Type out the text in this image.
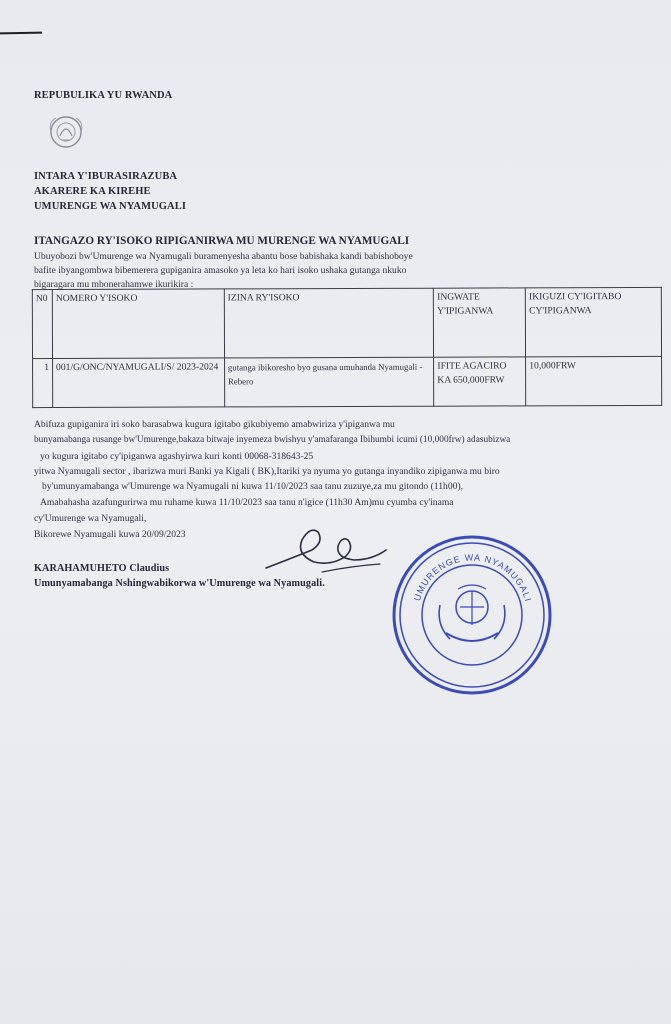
REPUBULIKA YU RWANDA
INTARA Y'IBURASIRAZUBA
AKARERE KA KIREHE
UMURENGE WA NYAMUGALI
ITANGAZO RY'ISOKO RIPIGANIRWA MU MURENGE WA NYAMUGALI
Ubuyobozi bw'Umurenge wa Nyamugali buramenyesha abantu bose babishaka kandi babishoboye
bafite ibyangombwa bibemerera gupiganira amasoko ya leta ko hari isoko ushaka gutanga nkuko
bigaragara mu mbonerahamwe ikurikira :
N0	NOMERO Y'ISOKO	IZINA RY'ISOKO	INGWATE Y'IPIGANWA	IKIGUZI CY'IGITABO CY'IPIGANWA
1	001/G/ONC/NYAMUGALI/S/ 2023-2024	gutanga ibikoresho byo gusana umuhanda Nyamugali -Rebero	IFITE AGACIRO KA 650,000FRW	10,000FRW
Abifuza gupiganira iri soko barasabwa kugura igitabo gikubiyemo amabwiriza y'ipiganwa mu
bunyamabanga rusange bw'Umurenge,bakaza bitwaje inyemeza bwishyu y'amafaranga Ibihumbi icumi (10,000frw) adasubizwa
yo kugura igitabo cy'ipiganwa agashyirwa kuri konti 00068-318643-25
yitwa Nyamugali sector , ibarizwa muri Banki ya Kigali ( BK),Itariki ya nyuma yo gutanga inyandiko zipiganwa mu biro
by'umunyamabanga w'Umurenge wa Nyamugali ni kuwa 11/10/2023 saa tanu zuzuye,za mu gitondo (11h00),
Amabahasha azafungurirwa mu ruhame kuwa 11/10/2023 saa tanu n'igice (11h30 Am)mu cyumba cy'inama
cy'Umurenge wa Nyamugali,
Bikorewe Nyamugali kuwa 20/09/2023
KARAHAMUHETO Claudius
Umunyamabanga Nshingwabikorwa w'Umurenge wa Nyamugali.
UMURENGE WA NYAMUGALI
